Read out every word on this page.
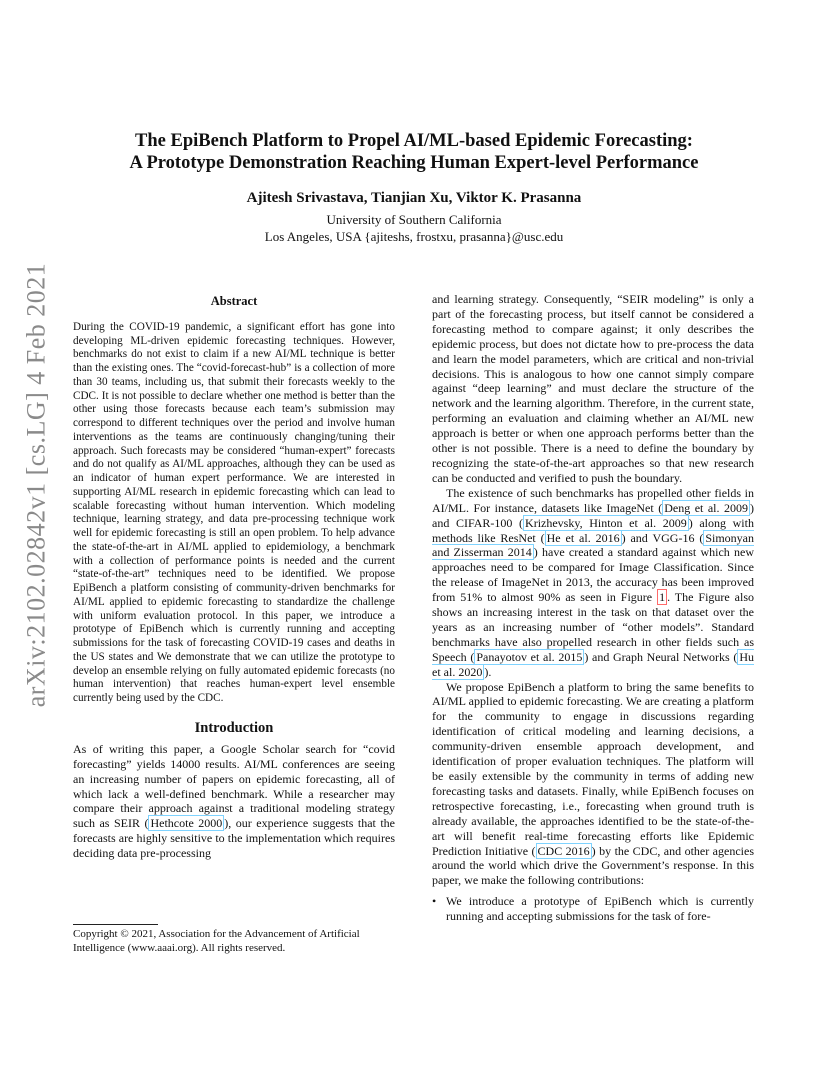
arXiv:2102.02842v1 [cs.LG] 4 Feb 2021
The EpiBench Platform to Propel AI/ML-based Epidemic Forecasting:
A Prototype Demonstration Reaching Human Expert-level Performance
Ajitesh Srivastava, Tianjian Xu, Viktor K. Prasanna
University of Southern California
Los Angeles, USA {ajiteshs, frostxu, prasanna}@usc.edu
Abstract

During the COVID-19 pandemic, a significant effort has gone into developing ML-driven epidemic forecasting techniques. However, benchmarks do not exist to claim if a new AI/ML technique is better than the existing ones. The “covid-forecast-hub” is a collection of more than 30 teams, including us, that submit their forecasts weekly to the CDC. It is not possible to declare whether one method is better than the other using those forecasts because each team’s submission may correspond to different techniques over the period and involve human interventions as the teams are continuously changing/tuning their approach. Such forecasts may be considered “human-expert” forecasts and do not qualify as AI/ML approaches, although they can be used as an indicator of human expert performance. We are interested in supporting AI/ML research in epidemic forecasting which can lead to scalable forecasting without human intervention. Which modeling technique, learning strategy, and data pre-processing technique work well for epidemic forecasting is still an open problem. To help advance the state-of-the-art in AI/ML applied to epidemiology, a benchmark with a collection of performance points is needed and the current “state-of-the-art” techniques need to be identified. We propose EpiBench a platform consisting of community-driven benchmarks for AI/ML applied to epidemic forecasting to standardize the challenge with uniform evaluation protocol. In this paper, we introduce a prototype of EpiBench which is currently running and accepting submissions for the task of forecasting COVID-19 cases and deaths in the US states and We demonstrate that we can utilize the prototype to develop an ensemble relying on fully automated epidemic forecasts (no human intervention) that reaches human-expert level ensemble currently being used by the CDC.

Introduction

As of writing this paper, a Google Scholar search for “covid forecasting” yields 14000 results. AI/ML conferences are seeing an increasing number of papers on epidemic forecasting, all of which lack a well-defined benchmark. While a researcher may compare their approach against a traditional modeling strategy such as SEIR ( Hethcote 2000 ), our experience suggests that the forecasts are highly sensitive to the implementation which requires deciding data pre-processing

Copyright © 2021, Association for the Advancement of Artificial Intelligence (www.aaai.org). All rights reserved.

and learning strategy. Consequently, “SEIR modeling” is only a part of the forecasting process, but itself cannot be considered a forecasting method to compare against; it only describes the epidemic process, but does not dictate how to pre-process the data and learn the model parameters, which are critical and non-trivial decisions. This is analogous to how one cannot simply compare against “deep learning” and must declare the structure of the network and the learning algorithm. Therefore, in the current state, performing an evaluation and claiming whether an AI/ML new approach is better or when one approach performs better than the other is not possible. There is a need to define the boundary by recognizing the state-of-the-art approaches so that new research can be conducted and verified to push the boundary.

The existence of such benchmarks has propelled other fields in AI/ML. For instance, datasets like ImageNet ( Deng et al. 2009 ) and CIFAR-100 ( Krizhevsky, Hinton et al. 2009 ) along with methods like ResNet ( He et al. 2016 ) and VGG-16 ( Simonyan and Zisserman 2014 ) have created a standard against which new approaches need to be compared for Image Classification. Since the release of ImageNet in 2013, the accuracy has been improved from 51% to almost 90% as seen in Figure 1 . The Figure also shows an increasing interest in the task on that dataset over the years as an increasing number of “other models”. Standard benchmarks have also propelled research in other fields such as Speech ( Panayotov et al. 2015 ) and Graph Neural Networks ( Hu et al. 2020 ).

We propose EpiBench a platform to bring the same benefits to AI/ML applied to epidemic forecasting. We are creating a platform for the community to engage in discussions regarding identification of critical modeling and learning decisions, a community-driven ensemble approach development, and identification of proper evaluation techniques. The platform will be easily extensible by the community in terms of adding new forecasting tasks and datasets. Finally, while EpiBench focuses on retrospective forecasting, i.e., forecasting when ground truth is already available, the approaches identified to be the state-of-the-art will benefit real-time forecasting efforts like Epidemic Prediction Initiative ( CDC 2016 ) by the CDC, and other agencies around the world which drive the Government’s response. In this paper, we make the following contributions:

• We introduce a prototype of EpiBench which is currently running and accepting submissions for the task of fore-
